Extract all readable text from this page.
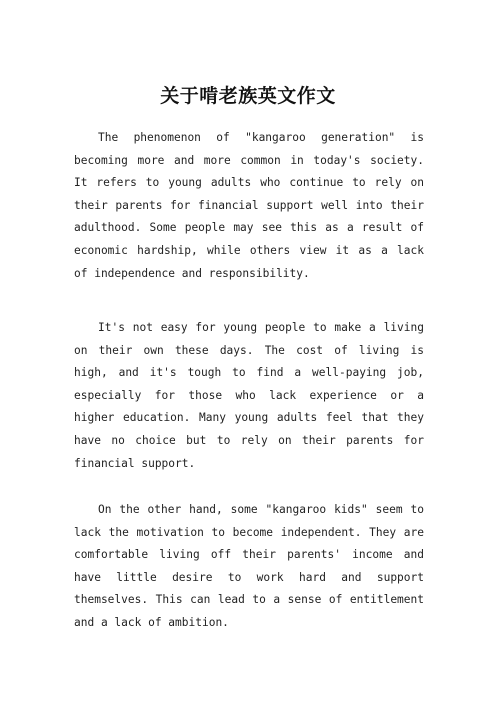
关于啃老族英文作文

The phenomenon of "kangaroo generation" is becoming more and more common in today's society. It refers to young adults who continue to rely on their parents for financial support well into their adulthood. Some people may see this as a result of economic hardship, while others view it as a lack of independence and responsibility.

It's not easy for young people to make a living on their own these days. The cost of living is high, and it's tough to find a well-paying job, especially for those who lack experience or a higher education. Many young adults feel that they have no choice but to rely on their parents for financial support.

On the other hand, some "kangaroo kids" seem to lack the motivation to become independent. They are comfortable living off their parents' income and have little desire to work hard and support themselves. This can lead to a sense of entitlement and a lack of ambition.
